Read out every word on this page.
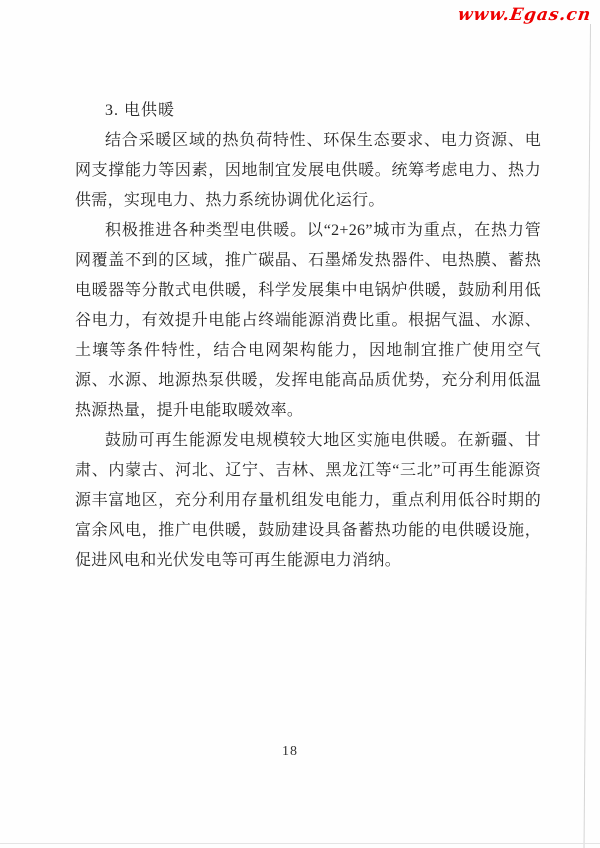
www.Egas.cn
3. 电供暖

结合采暖区域的热负荷特性、环保生态要求、电力资源、电网支撑能力等因素，因地制宜发展电供暖。统筹考虑电力、热力供需，实现电力、热力系统协调优化运行。

积极推进各种类型电供暖。以“2+26”城市为重点，在热力管网覆盖不到的区域，推广碳晶、石墨烯发热器件、电热膜、蓄热电暖器等分散式电供暖，科学发展集中电锅炉供暖，鼓励利用低谷电力，有效提升电能占终端能源消费比重。根据气温、水源、土壤等条件特性，结合电网架构能力，因地制宜推广使用空气源、水源、地源热泵供暖，发挥电能高品质优势，充分利用低温热源热量，提升电能取暖效率。

鼓励可再生能源发电规模较大地区实施电供暖。在新疆、甘肃、内蒙古、河北、辽宁、吉林、黑龙江等“三北”可再生能源资源丰富地区，充分利用存量机组发电能力，重点利用低谷时期的富余风电，推广电供暖，鼓励建设具备蓄热功能的电供暖设施，促进风电和光伏发电等可再生能源电力消纳。

18
